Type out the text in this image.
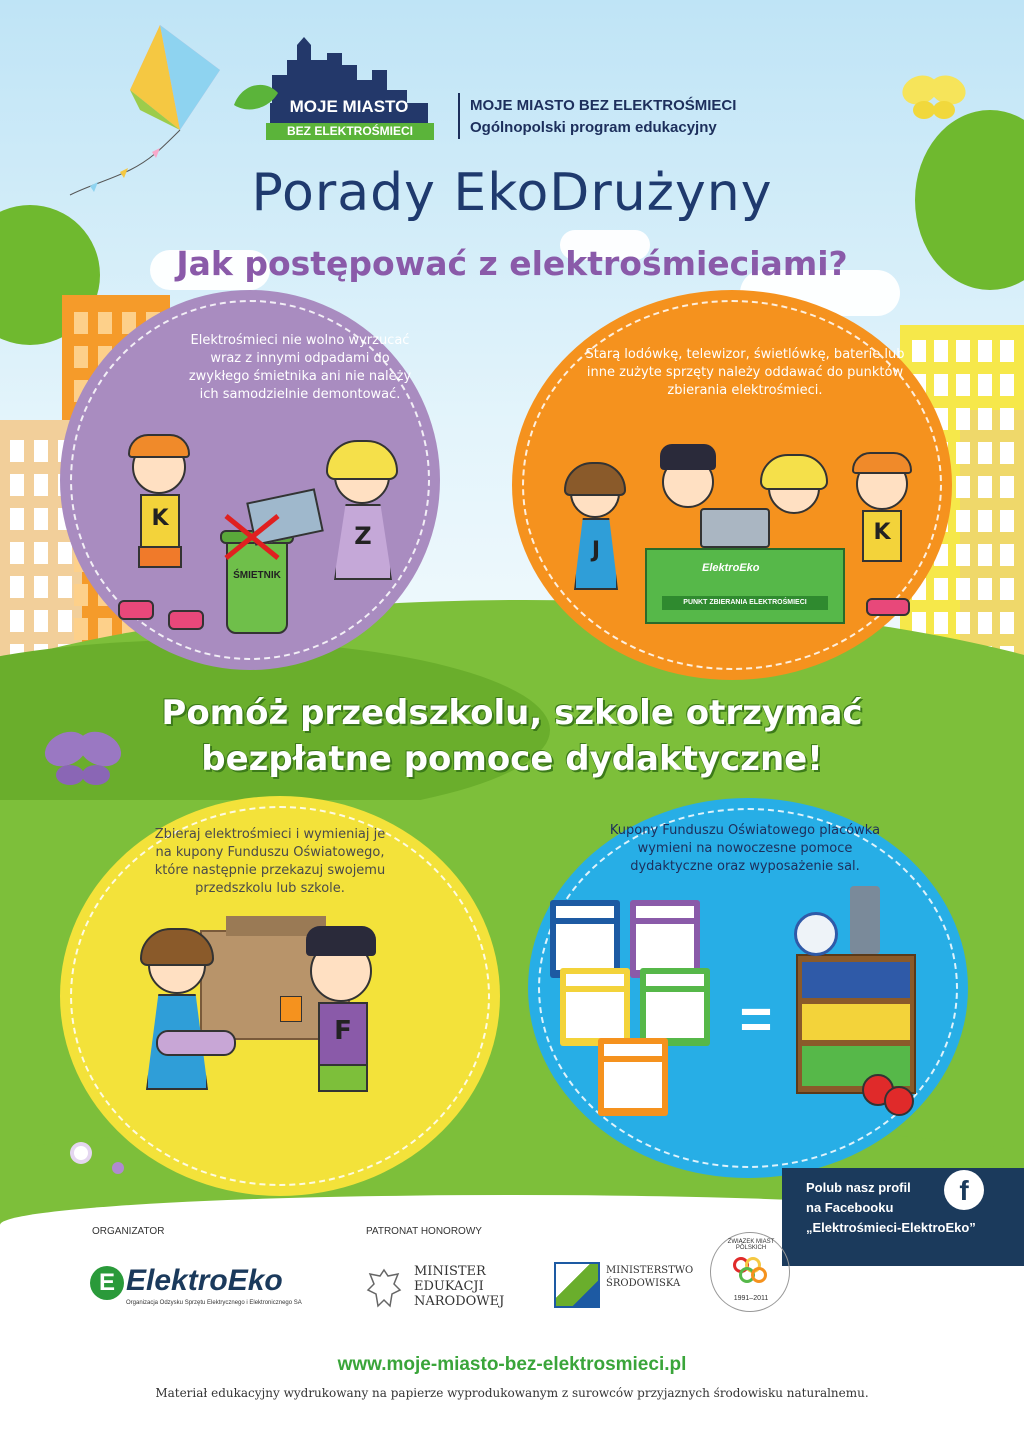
MOJE MIASTO
BEZ ELEKTROŚMIECI
MOJE MIASTO BEZ ELEKTROŚMIECI
Ogólnopolski program edukacyjny
Porady EkoDrużyny
Jak postępować z elektrośmieciami?
Elektrośmieci nie wolno wyrzucać wraz z innymi odpadami do zwykłego śmietnika ani nie należy ich samodzielnie demontować.
K
ŚMIETNIK
Z
Starą lodówkę, telewizor, świetlówkę, baterie lub inne zużyte sprzęty należy oddawać do punktów zbierania elektrośmieci.
J
K
ElektroEko
PUNKT ZBIERANIA ELEKTROŚMIECI
Pomóż przedszkolu, szkole otrzymać
bezpłatne pomoce dydaktyczne!
Zbieraj elektrośmieci i wymieniaj je na kupony Funduszu Oświatowego, które następnie przekazuj swojemu przedszkolu lub szkole.
F
Kupony Funduszu Oświatowego placówka wymieni na nowoczesne pomoce dydaktyczne oraz wyposażenie sal.
=
Polub nasz profil
na Facebooku
„Elektrośmieci-ElektroEko”
f
ORGANIZATOR	PATRONAT HONOROWY
E ElektroEko
Organizacja Odzysku Sprzętu Elektrycznego i Elektronicznego SA
MINISTER
EDUKACJI
NARODOWEJ
MINISTERSTWO
ŚRODOWISKA
ZWIĄZEK MIAST POLSKICH
1991–2011
www.moje-miasto-bez-elektrosmieci.pl
Materiał edukacyjny wydrukowany na papierze wyprodukowanym z surowców przyjaznych środowisku naturalnemu.
